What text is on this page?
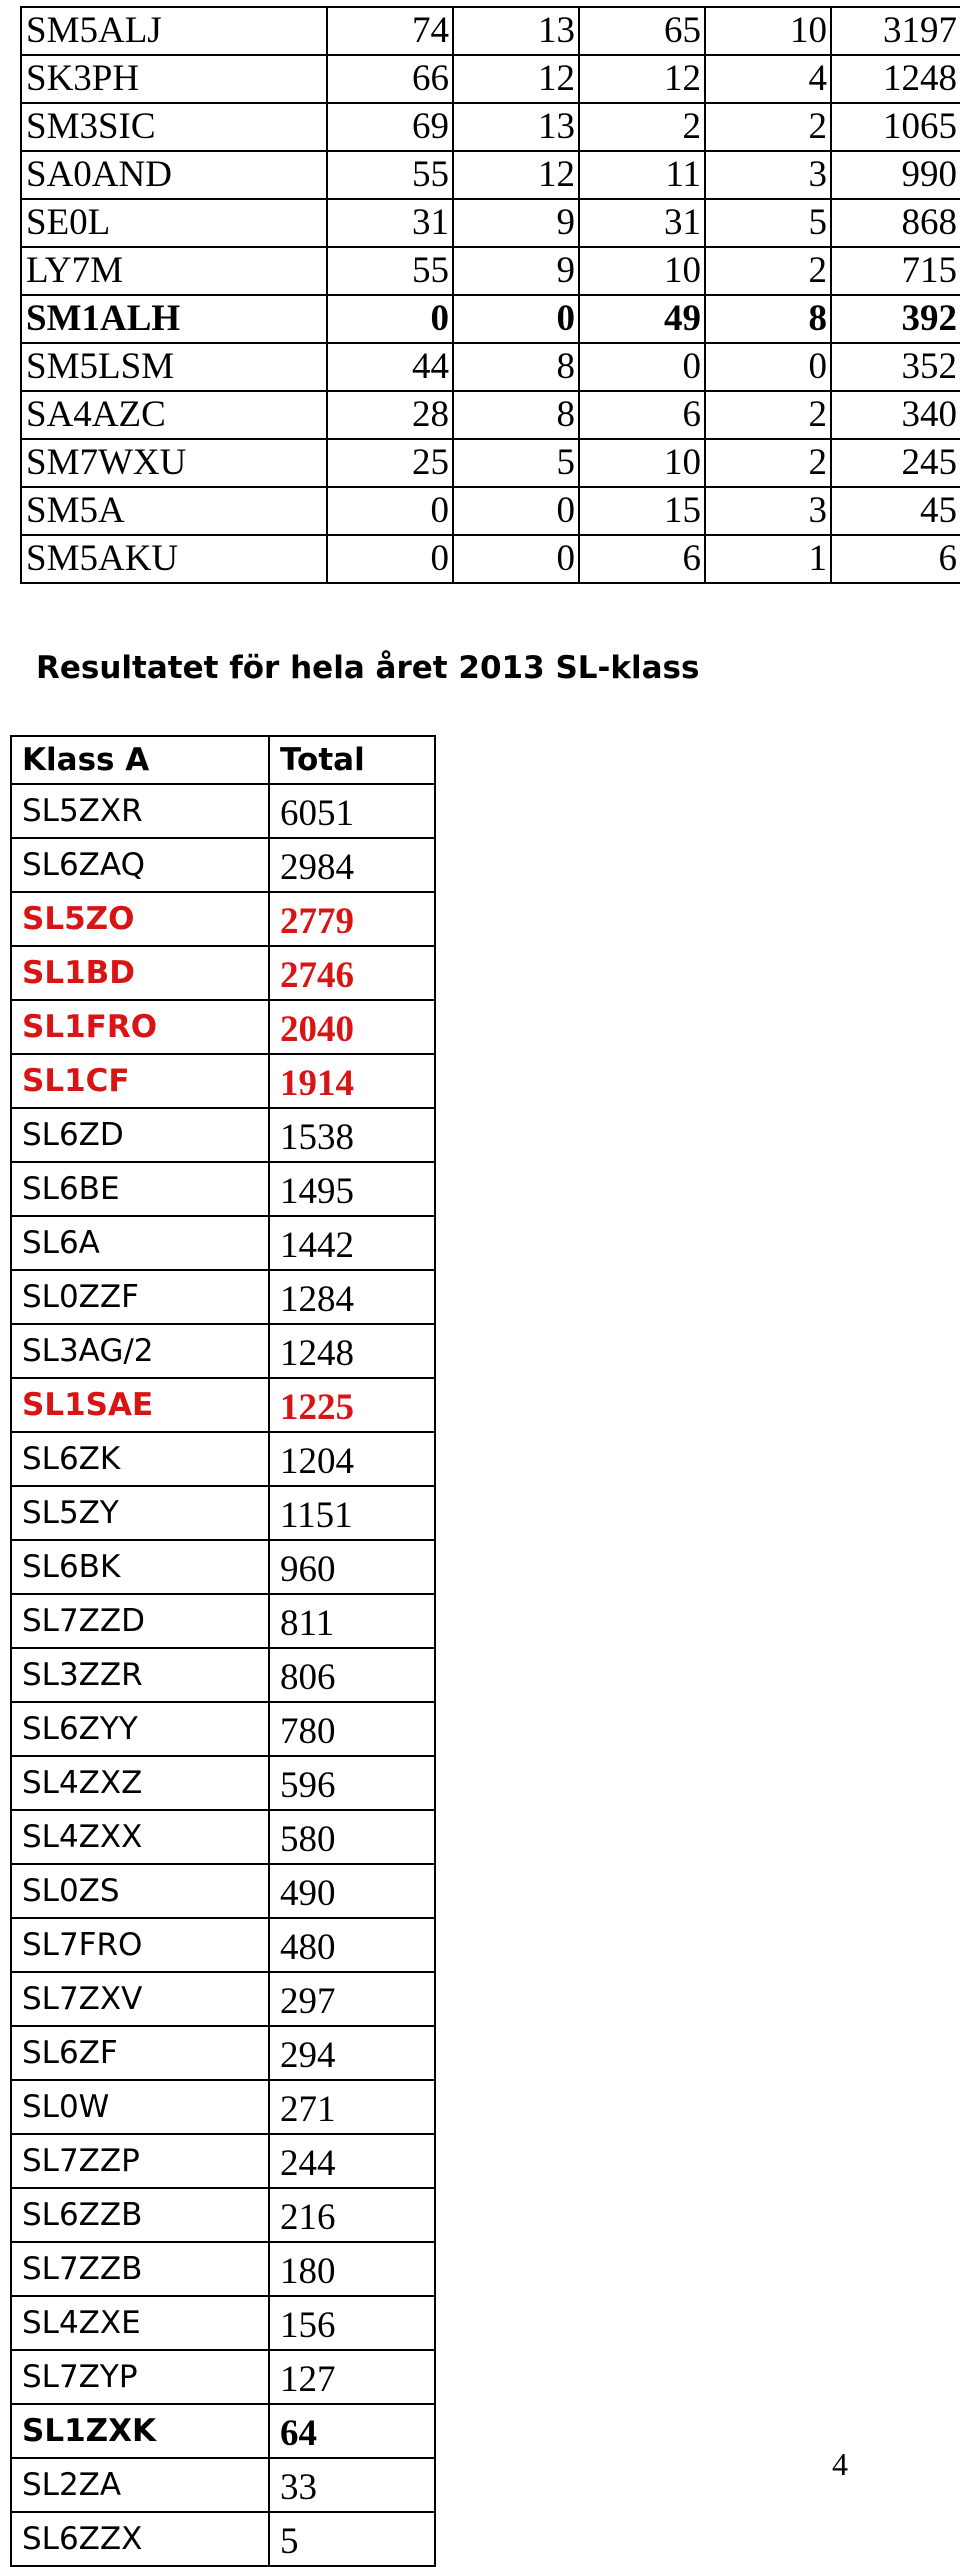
SM5ALJ	74	13	65	10	3197
SK3PH	66	12	12	4	1248
SM3SIC	69	13	2	2	1065
SA0AND	55	12	11	3	990
SE0L	31	9	31	5	868
LY7M	55	9	10	2	715
SM1ALH	0	0	49	8	392
SM5LSM	44	8	0	0	352
SA4AZC	28	8	6	2	340
SM7WXU	25	5	10	2	245
SM5A	0	0	15	3	45
SM5AKU	0	0	6	1	6
Resultatet för hela året 2013 SL-klass
Klass A	Total
SL5ZXR	6051
SL6ZAQ	2984
SL5ZO	2779
SL1BD	2746
SL1FRO	2040
SL1CF	1914
SL6ZD	1538
SL6BE	1495
SL6A	1442
SL0ZZF	1284
SL3AG/2	1248
SL1SAE	1225
SL6ZK	1204
SL5ZY	1151
SL6BK	960
SL7ZZD	811
SL3ZZR	806
SL6ZYY	780
SL4ZXZ	596
SL4ZXX	580
SL0ZS	490
SL7FRO	480
SL7ZXV	297
SL6ZF	294
SL0W	271
SL7ZZP	244
SL6ZZB	216
SL7ZZB	180
SL4ZXE	156
SL7ZYP	127
SL1ZXK	64
SL2ZA	33
SL6ZZX	5
4
